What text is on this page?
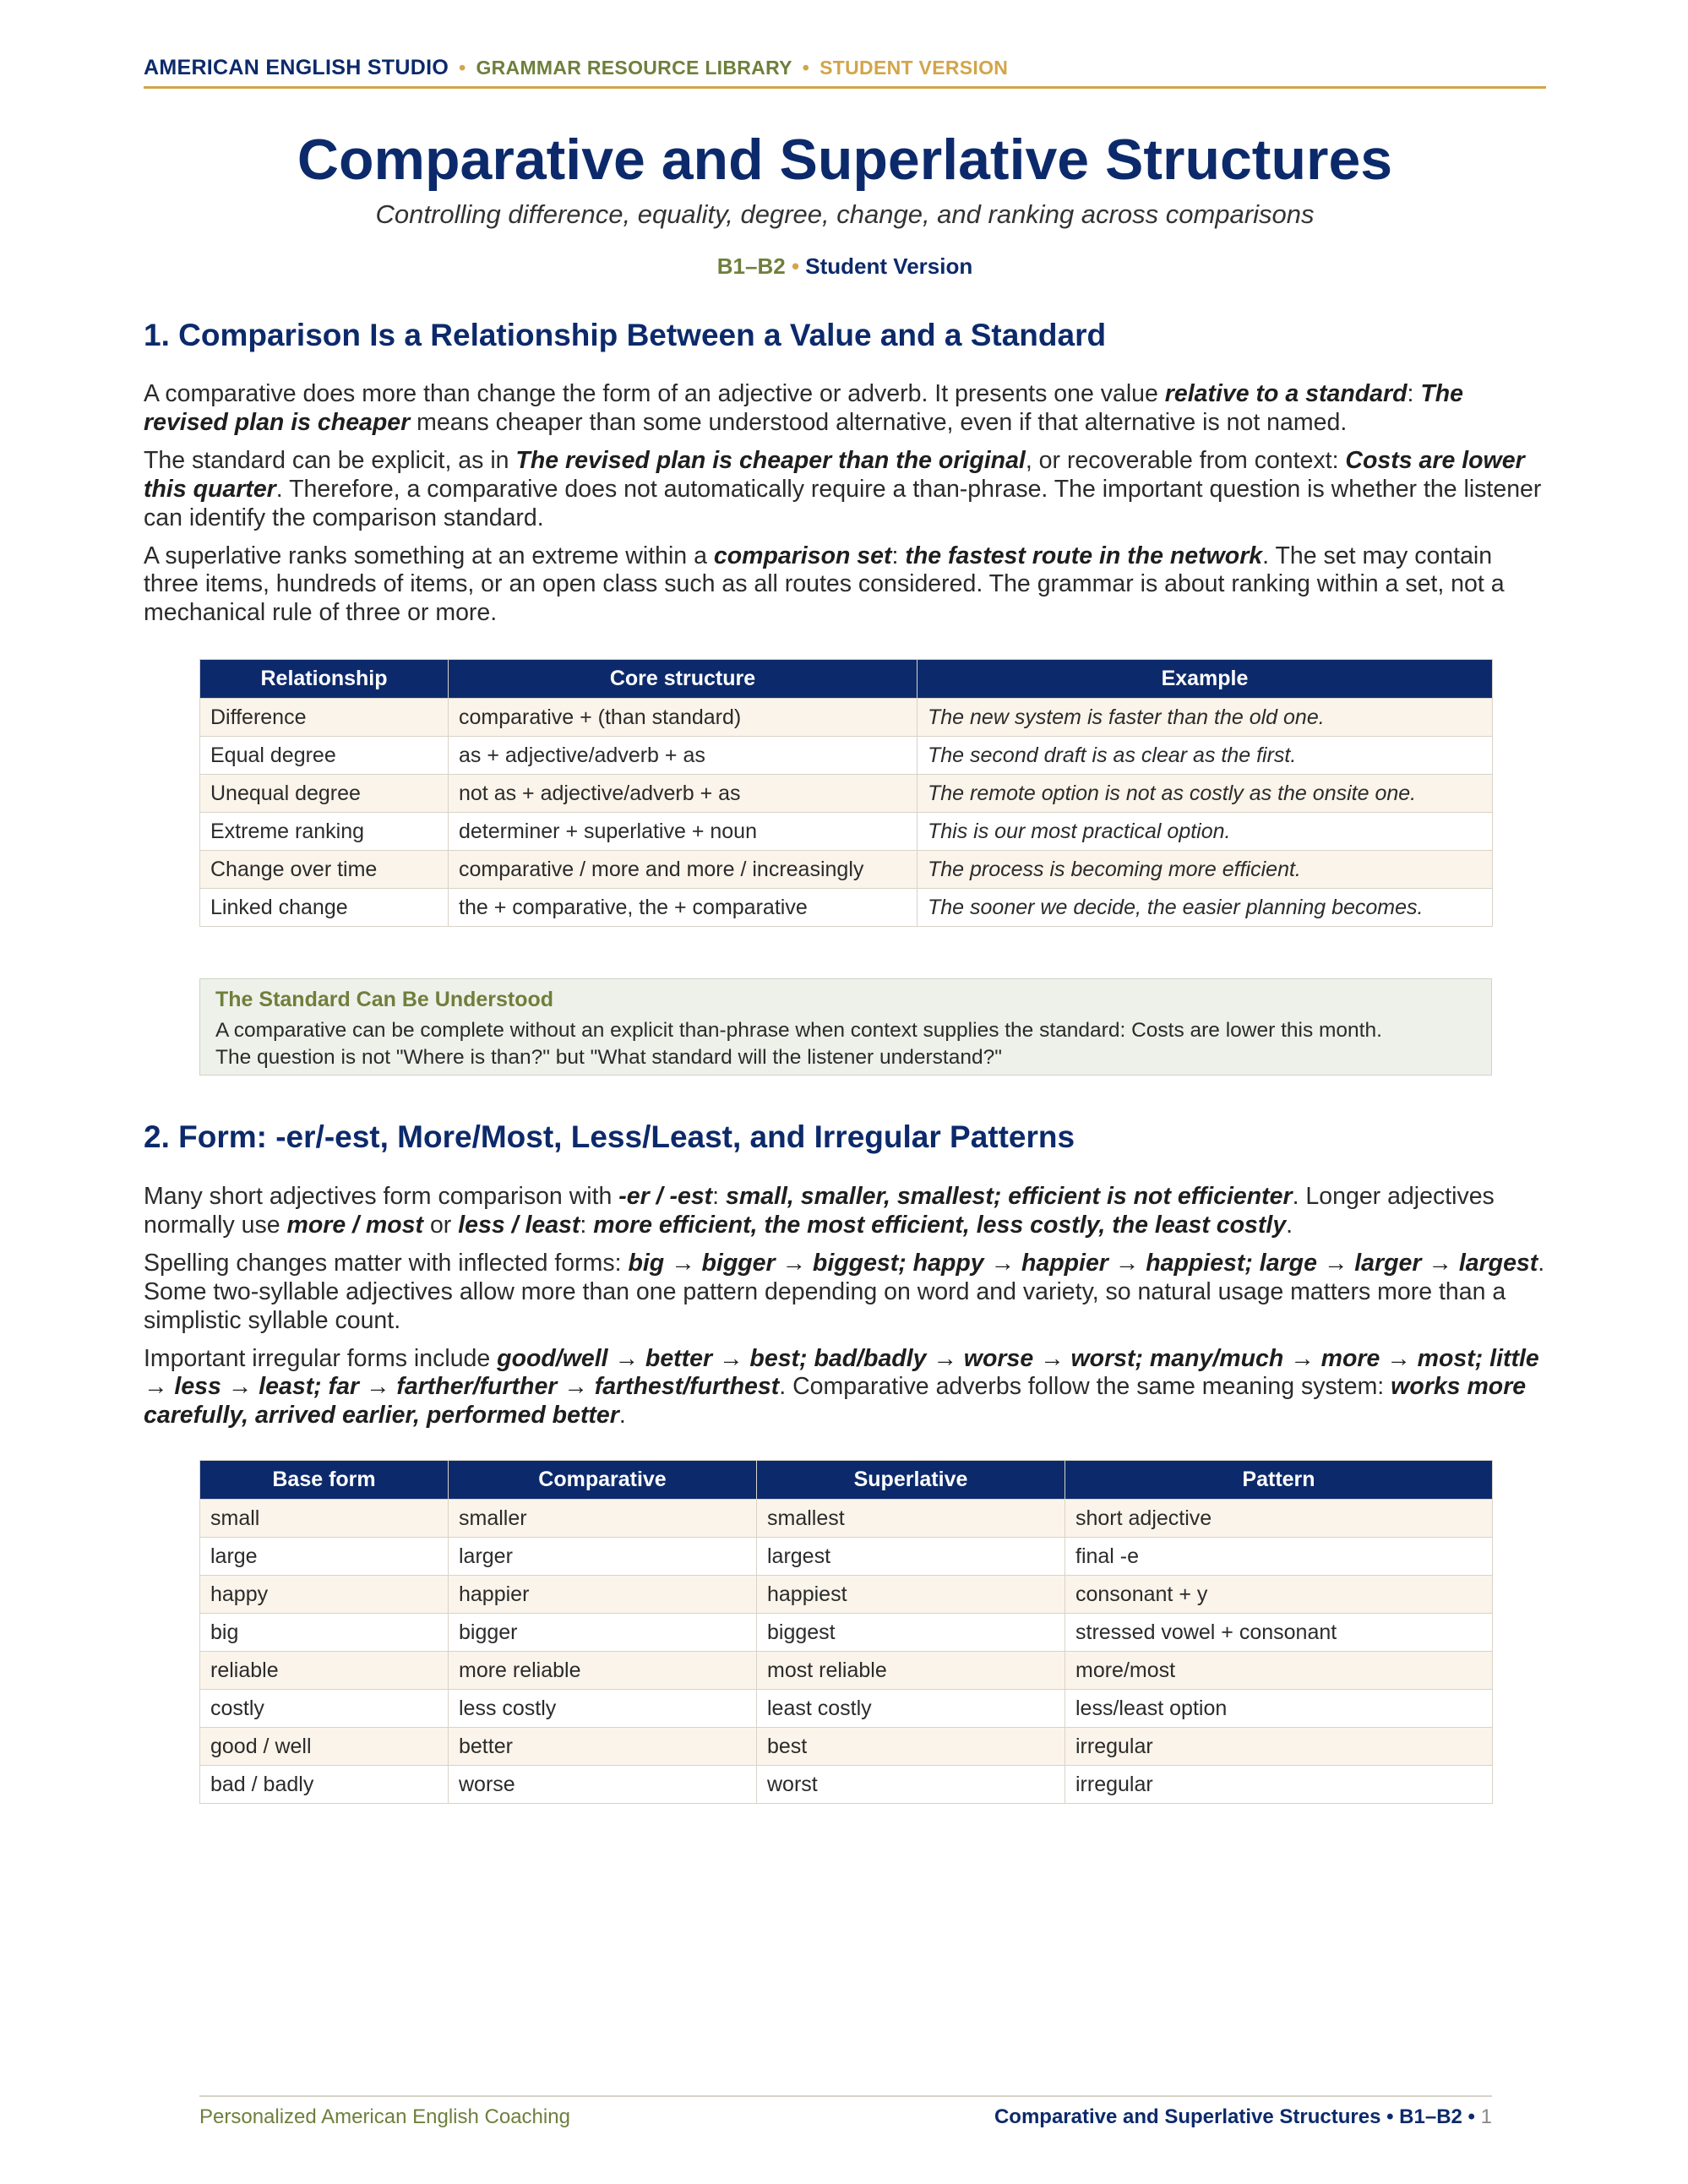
AMERICAN ENGLISH STUDIO • GRAMMAR RESOURCE LIBRARY • STUDENT VERSION
Comparative and Superlative Structures
Controlling difference, equality, degree, change, and ranking across comparisons
B1–B2 • Student Version
1. Comparison Is a Relationship Between a Value and a Standard

A comparative does more than change the form of an adjective or adverb. It presents one value relative to a standard: The revised plan is cheaper means cheaper than some understood alternative, even if that alternative is not named.

The standard can be explicit, as in The revised plan is cheaper than the original, or recoverable from context: Costs are lower this quarter. Therefore, a comparative does not automatically require a than-phrase. The important question is whether the listener can identify the comparison standard.

A superlative ranks something at an extreme within a comparison set: the fastest route in the network. The set may contain three items, hundreds of items, or an open class such as all routes considered. The grammar is about ranking within a set, not a mechanical rule of three or more.

Relationship	Core structure	Example
Difference	comparative + (than standard)	The new system is faster than the old one.
Equal degree	as + adjective/adverb + as	The second draft is as clear as the first.
Unequal degree	not as + adjective/adverb + as	The remote option is not as costly as the onsite one.
Extreme ranking	determiner + superlative + noun	This is our most practical option.
Change over time	comparative / more and more / increasingly	The process is becoming more efficient.
Linked change	the + comparative, the + comparative	The sooner we decide, the easier planning becomes.
The Standard Can Be Understood
A comparative can be complete without an explicit than-phrase when context supplies the standard: Costs are lower this month.
The question is not "Where is than?" but "What standard will the listener understand?"
2. Form: -er/-est, More/Most, Less/Least, and Irregular Patterns

Many short adjectives form comparison with -er / -est: small, smaller, smallest; efficient is not efficienter. Longer adjectives normally use more / most or less / least: more efficient, the most efficient, less costly, the least costly.

Spelling changes matter with inflected forms: big → bigger → biggest; happy → happier → happiest; large → larger → largest. Some two-syllable adjectives allow more than one pattern depending on word and variety, so natural usage matters more than a simplistic syllable count.

Important irregular forms include good/well → better → best; bad/badly → worse → worst; many/much → more → most; little → less → least; far → farther/further → farthest/furthest. Comparative adverbs follow the same meaning system: works more carefully, arrived earlier, performed better.

Base form	Comparative	Superlative	Pattern
small	smaller	smallest	short adjective
large	larger	largest	final -e
happy	happier	happiest	consonant + y
big	bigger	biggest	stressed vowel + consonant
reliable	more reliable	most reliable	more/most
costly	less costly	least costly	less/least option
good / well	better	best	irregular
bad / badly	worse	worst	irregular
Personalized American English Coaching	Comparative and Superlative Structures • B1–B2 • 1
